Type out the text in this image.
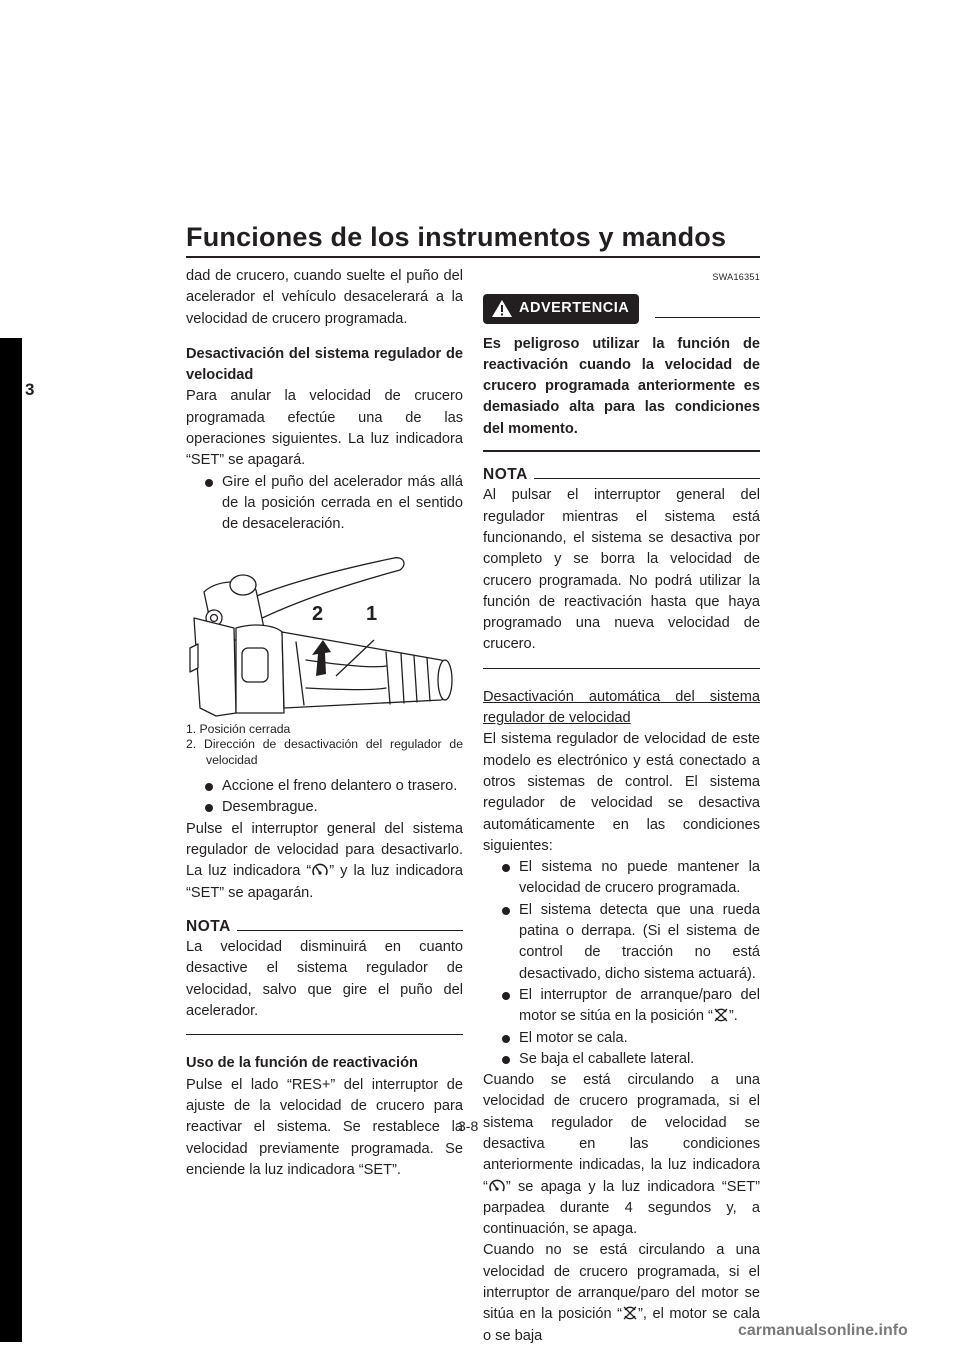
Funciones de los instrumentos y mandos
3

dad de crucero, cuando suelte el puño del acelerador el vehículo desacelerará a la velocidad de crucero programada.

Desactivación del sistema regulador de velocidad

Para anular la velocidad de crucero programada efectúe una de las operaciones siguientes. La luz indicadora “SET” se apagará.

Gire el puño del acelerador más allá de la posición cerrada en el sentido de desaceleración.
2 1
1. Posición cerrada
2. Dirección de desactivación del regulador de velocidad
Accione el freno delantero o trasero.
Desembrague.

Pulse el interruptor general del sistema regulador de velocidad para desactivarlo. La luz indicadora “ ” y la luz indicadora “SET” se apagarán.

NOTA

La velocidad disminuirá en cuanto desactive el sistema regulador de velocidad, salvo que gire el puño del acelerador.

Uso de la función de reactivación

Pulse el lado “RES+” del interruptor de ajuste de la velocidad de crucero para reactivar el sistema. Se restablece la velocidad previamente programada. Se enciende la luz indicadora “SET”.

SWA16351
ADVERTENCIA

Es peligroso utilizar la función de reactivación cuando la velocidad de crucero programada anteriormente es demasiado alta para las condiciones del momento.

NOTA

Al pulsar el interruptor general del regulador mientras el sistema está funcionando, el sistema se desactiva por completo y se borra la velocidad de crucero programada. No podrá utilizar la función de reactivación hasta que haya programado una nueva velocidad de crucero.

Desactivación automática del sistema regulador de velocidad

El sistema regulador de velocidad de este modelo es electrónico y está conectado a otros sistemas de control. El sistema regulador de velocidad se desactiva automáticamente en las condiciones siguientes:

El sistema no puede mantener la velocidad de crucero programada.
El sistema detecta que una rueda patina o derrapa. (Si el sistema de control de tracción no está desactivado, dicho sistema actuará).
El interruptor de arranque/paro del motor se sitúa en la posición “ ”.
El motor se cala.
Se baja el caballete lateral.

Cuando se está circulando a una velocidad de crucero programada, si el sistema regulador de velocidad se desactiva en las condiciones anteriormente indicadas, la luz indicadora “ ” se apaga y la luz indicadora “SET” parpadea durante 4 segundos y, a continuación, se apaga.

Cuando no se está circulando a una velocidad de crucero programada, si el interruptor de arranque/paro del motor se sitúa en la posición “ ”, el motor se cala o se baja

3-8
carmanualsonline.info
